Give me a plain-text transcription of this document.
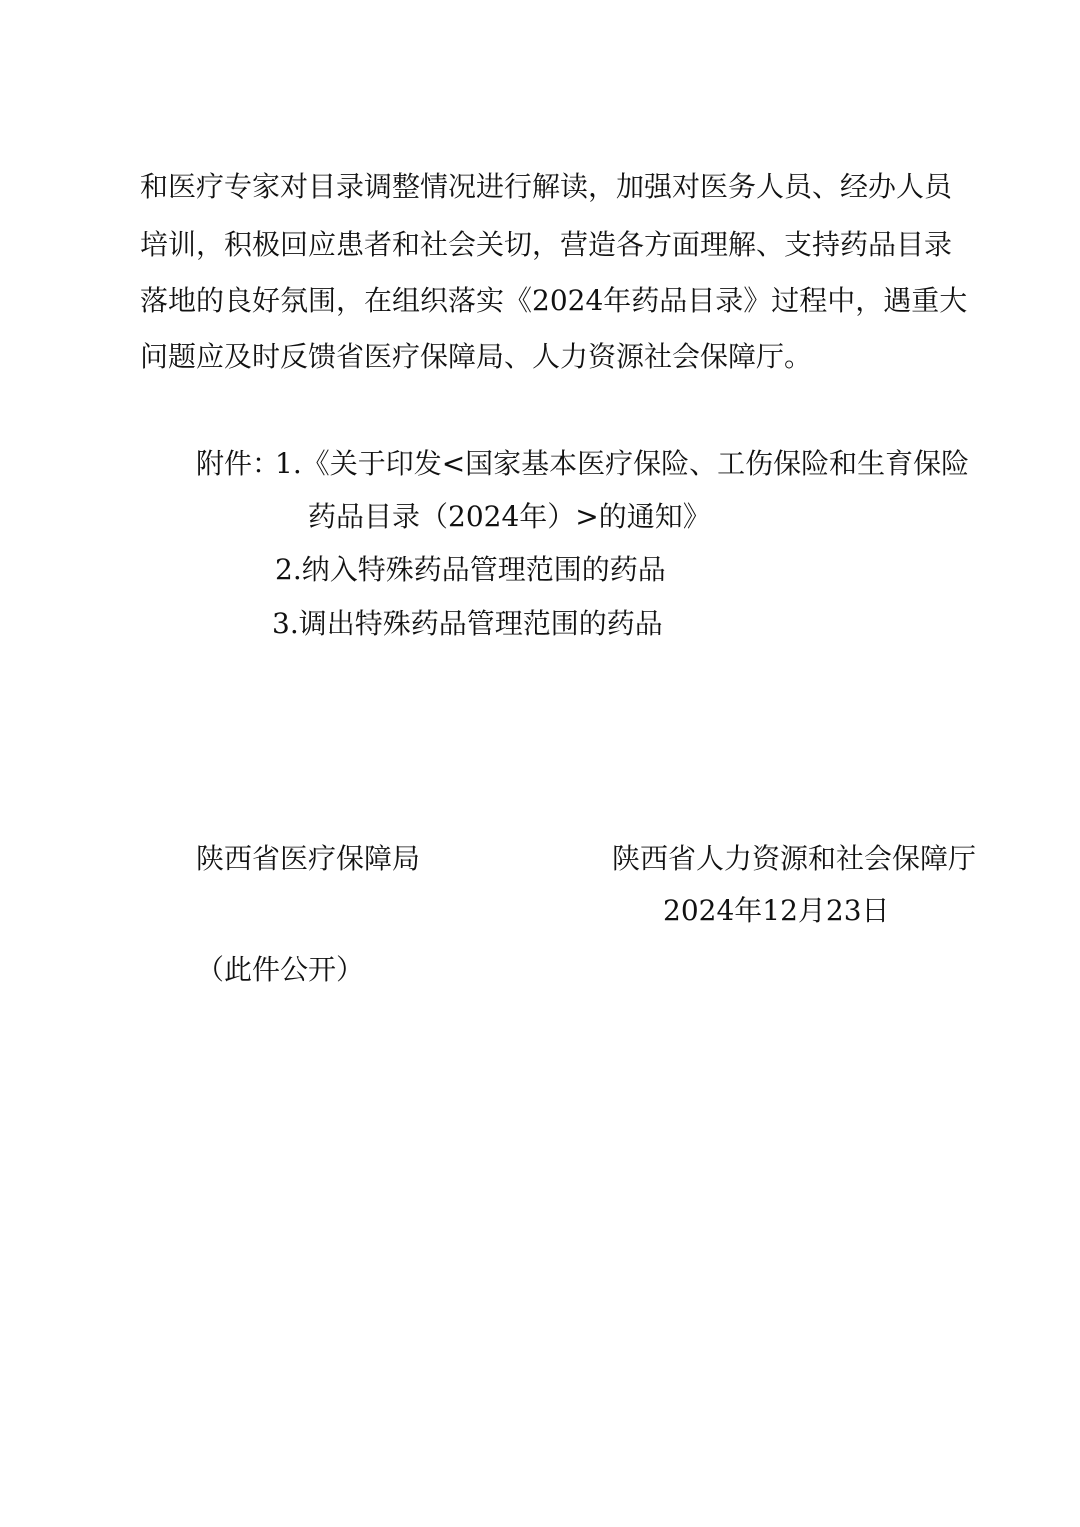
和医疗专家对目录调整情况进行解读，加强对医务人员、经办人员
培训，积极回应患者和社会关切，营造各方面理解、支持药品目录
落地的良好氛围，在组织落实《2024年药品目录》过程中，遇重大
问题应及时反馈省医疗保障局、人力资源社会保障厅。
附件：
1.《关于印发<国家基本医疗保险、工伤保险和生育保险
药品目录（2024年）>的通知》
2.纳入特殊药品管理范围的药品
3.调出特殊药品管理范围的药品
陕西省医疗保障局	陕西省人力资源和社会保障厅
2024年12月23日
（此件公开）
